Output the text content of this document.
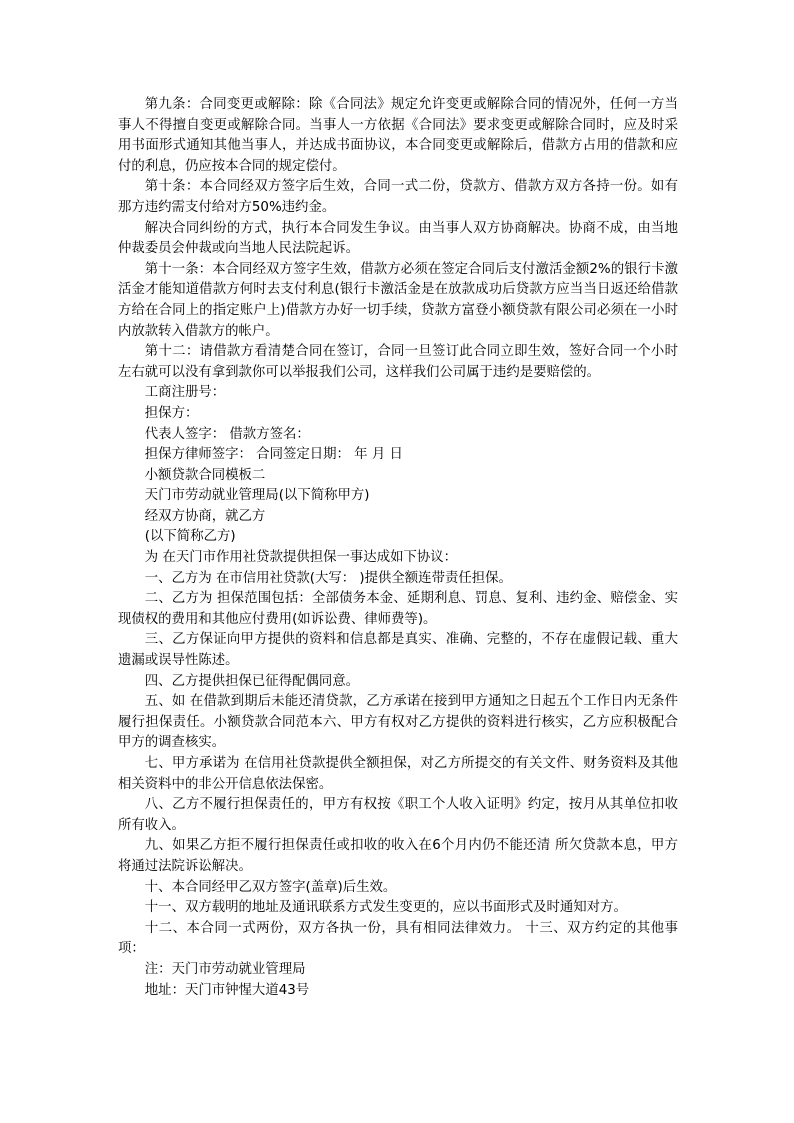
第九条：合同变更或解除：除《合同法》规定允许变更或解除合同的情况外，任何一方当事人不得擅自变更或解除合同。当事人一方依据《合同法》要求变更或解除合同时，应及时采用书面形式通知其他当事人，并达成书面协议，本合同变更或解除后，借款方占用的借款和应付的利息，仍应按本合同的规定偿付。

第十条：本合同经双方签字后生效，合同一式二份，贷款方、借款方双方各持一份。如有那方违约需支付给对方50%违约金。

解决合同纠纷的方式，执行本合同发生争议。由当事人双方协商解决。协商不成，由当地仲裁委员会仲裁或向当地人民法院起诉。

第十一条：本合同经双方签字生效，借款方必须在签定合同后支付激活金额2%的银行卡激活金才能知道借款方何时去支付利息(银行卡激活金是在放款成功后贷款方应当当日返还给借款方给在合同上的指定账户上)借款方办好一切手续，贷款方富登小额贷款有限公司必须在一小时内放款转入借款方的帐户。

第十二：请借款方看清楚合同在签订，合同一旦签订此合同立即生效，签好合同一个小时左右就可以没有拿到款你可以举报我们公司，这样我们公司属于违约是要赔偿的。

工商注册号：

担保方：

代表人签字： 借款方签名：

担保方律师签字： 合同签定日期： 年 月 日

小额贷款合同模板二

天门市劳动就业管理局(以下简称甲方)

经双方协商，就乙方

(以下简称乙方)

为 在天门市作用社贷款提供担保一事达成如下协议：

一、乙方为 在市信用社贷款(大写： )提供全额连带责任担保。

二、乙方为 担保范围包括：全部债务本金、延期利息、罚息、复利、违约金、赔偿金、实现债权的费用和其他应付费用(如诉讼费、律师费等)。

三、乙方保证向甲方提供的资料和信息都是真实、准确、完整的，不存在虚假记载、重大遗漏或误导性陈述。

四、乙方提供担保已征得配偶同意。

五、如 在借款到期后未能还清贷款，乙方承诺在接到甲方通知之日起五个工作日内无条件履行担保责任。小额贷款合同范本六、甲方有权对乙方提供的资料进行核实，乙方应积极配合甲方的调查核实。

七、甲方承诺为 在信用社贷款提供全额担保，对乙方所提交的有关文件、财务资料及其他相关资料中的非公开信息依法保密。

八、乙方不履行担保责任的，甲方有权按《职工个人收入证明》约定，按月从其单位扣收所有收入。

九、如果乙方拒不履行担保责任或扣收的收入在6个月内仍不能还清 所欠贷款本息，甲方将通过法院诉讼解决。

十、本合同经甲乙双方签字(盖章)后生效。

十一、双方载明的地址及通讯联系方式发生变更的，应以书面形式及时通知对方。

十二、本合同一式两份，双方各执一份，具有相同法律效力。 十三、双方约定的其他事项：

注：天门市劳动就业管理局

地址：天门市钟惺大道43号
